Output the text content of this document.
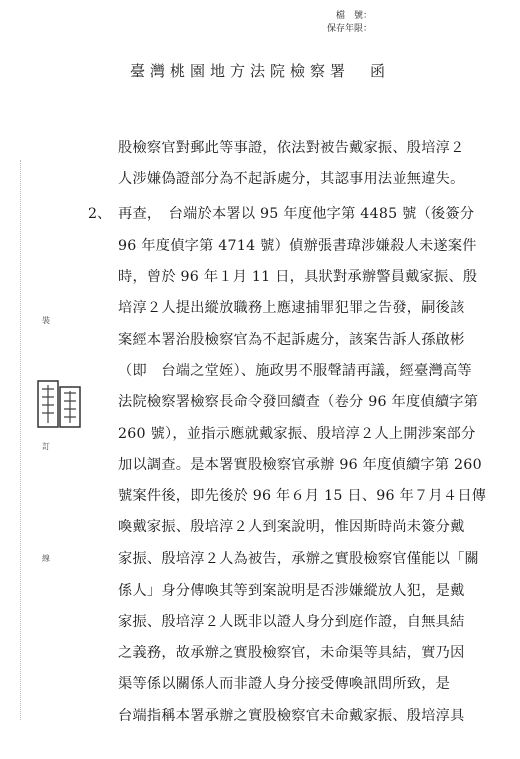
檔　號：
保存年限：
臺灣桃園地方法院檢察署　函
裝
訂
線
2、
股檢察官對郵此等事證，依法對被告戴家振、殷培淳２
人涉嫌偽證部分為不起訴處分，其認事用法並無違失。
再查，　台端於本署以 95 年度他字第 4485 號（後簽分
96 年度偵字第 4714 號）偵辦張書瑋涉嫌殺人未遂案件
時，曾於 96 年１月 11 日，具狀對承辦警員戴家振、殷
培淳２人提出縱放職務上應逮捕罪犯罪之告發，嗣後該
案經本署治股檢察官為不起訴處分，該案告訴人孫啟彬
（即　台端之堂姪）、施政男不服聲請再議，經臺灣高等
法院檢察署檢察長命令發回續查（卷分 96 年度偵續字第
260 號），並指示應就戴家振、殷培淳２人上開涉案部分
加以調查。是本署實股檢察官承辦 96 年度偵續字第 260
號案件後，即先後於 96 年６月 15 日、96 年７月４日傳
喚戴家振、殷培淳２人到案說明，惟因斯時尚未簽分戴
家振、殷培淳２人為被告，承辦之實股檢察官僅能以「關
係人」身分傳喚其等到案說明是否涉嫌縱放人犯，是戴
家振、殷培淳２人既非以證人身分到庭作證，自無具結
之義務，故承辦之實股檢察官，未命渠等具結，實乃因
渠等係以關係人而非證人身分接受傳喚訊問所致，是
台端指稱本署承辦之實股檢察官未命戴家振、殷培淳具
